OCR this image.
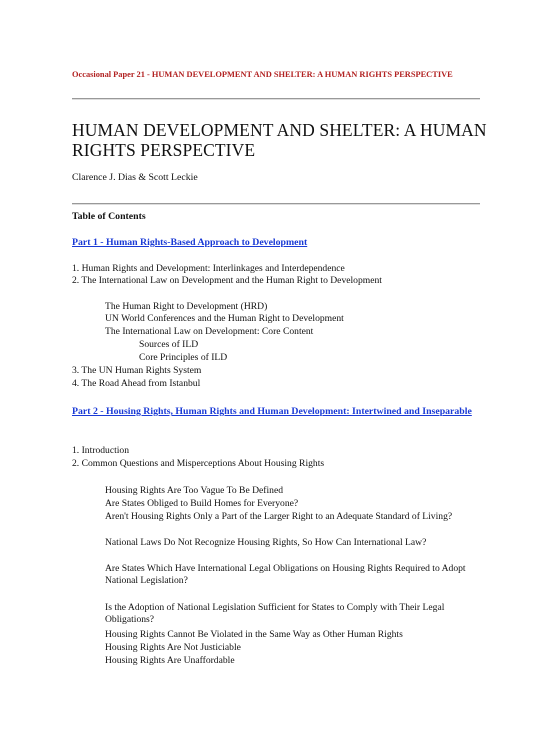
Occasional Paper 21 - HUMAN DEVELOPMENT AND SHELTER: A HUMAN RIGHTS PERSPECTIVE
HUMAN DEVELOPMENT AND SHELTER: A HUMAN RIGHTS PERSPECTIVE
Clarence J. Dias & Scott Leckie
Table of Contents
Part 1 - Human Rights-Based Approach to Development
1. Human Rights and Development: Interlinkages and Interdependence
2. The International Law on Development and the Human Right to Development
The Human Right to Development (HRD)
UN World Conferences and the Human Right to Development
The International Law on Development: Core Content
Sources of ILD
Core Principles of ILD
3. The UN Human Rights System
4. The Road Ahead from Istanbul
Part 2 - Housing Rights, Human Rights and Human Development: Intertwined and Inseparable
1. Introduction
2. Common Questions and Misperceptions About Housing Rights
Housing Rights Are Too Vague To Be Defined
Are States Obliged to Build Homes for Everyone?
Aren't Housing Rights Only a Part of the Larger Right to an Adequate Standard of Living?
National Laws Do Not Recognize Housing Rights, So How Can International Law?
Are States Which Have International Legal Obligations on Housing Rights Required to Adopt National Legislation?
Is the Adoption of National Legislation Sufficient for States to Comply with Their Legal Obligations?
Housing Rights Cannot Be Violated in the Same Way as Other Human Rights
Housing Rights Are Not Justiciable
Housing Rights Are Unaffordable
